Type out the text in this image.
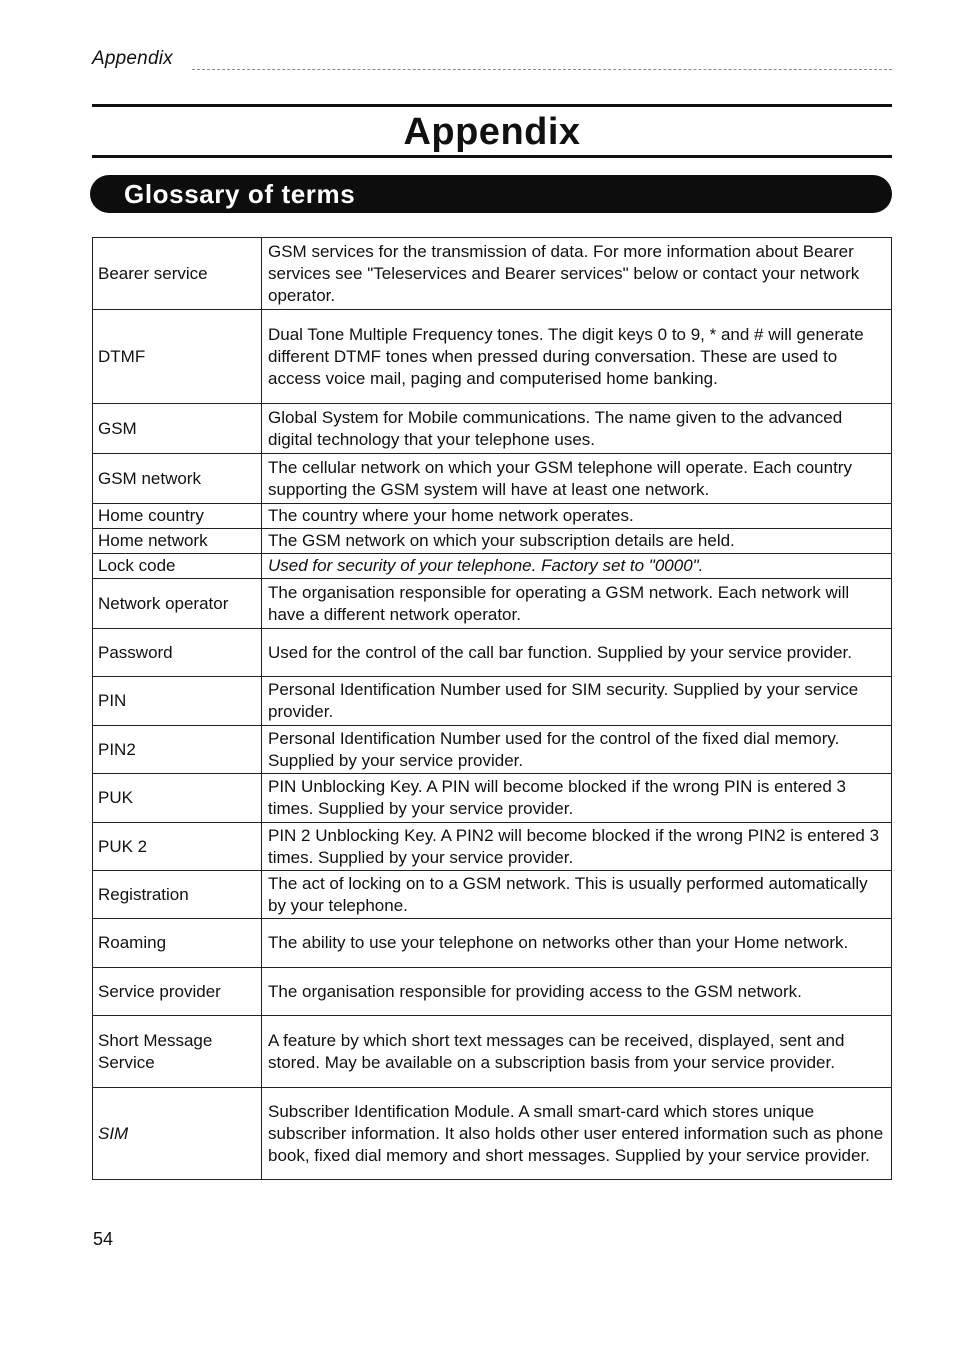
Appendix
Appendix
Glossary of terms
Bearer service	GSM services for the transmission of data. For more information about Bearer services see "Teleservices and Bearer services" below or contact your network operator.
DTMF	Dual Tone Multiple Frequency tones. The digit keys 0 to 9, * and # will generate different DTMF tones when pressed during conversation. These are used to access voice mail, paging and computerised home banking.
GSM	Global System for Mobile communications. The name given to the advanced digital technology that your telephone uses.
GSM network	The cellular network on which your GSM telephone will operate. Each country supporting the GSM system will have at least one network.
Home country	The country where your home network operates.
Home network	The GSM network on which your subscription details are held.
Lock code	Used for security of your telephone. Factory set to "0000".
Network operator	The organisation responsible for operating a GSM network. Each network will have a different network operator.
Password	Used for the control of the call bar function. Supplied by your service provider.
PIN	Personal Identification Number used for SIM security. Supplied by your service provider.
PIN2	Personal Identification Number used for the control of the fixed dial memory. Supplied by your service provider.
PUK	PIN Unblocking Key. A PIN will become blocked if the wrong PIN is entered 3 times. Supplied by your service provider.
PUK 2	PIN 2 Unblocking Key. A PIN2 will become blocked if the wrong PIN2 is entered 3 times. Supplied by your service provider.
Registration	The act of locking on to a GSM network. This is usually performed automatically by your telephone.
Roaming	The ability to use your telephone on networks other than your Home network.
Service provider	The organisation responsible for providing access to the GSM network.
Short Message Service	A feature by which short text messages can be received, displayed, sent and stored. May be available on a subscription basis from your service provider.
SIM	Subscriber Identification Module. A small smart-card which stores unique subscriber information. It also holds other user entered information such as phone book, fixed dial memory and short messages. Supplied by your service provider.
54
